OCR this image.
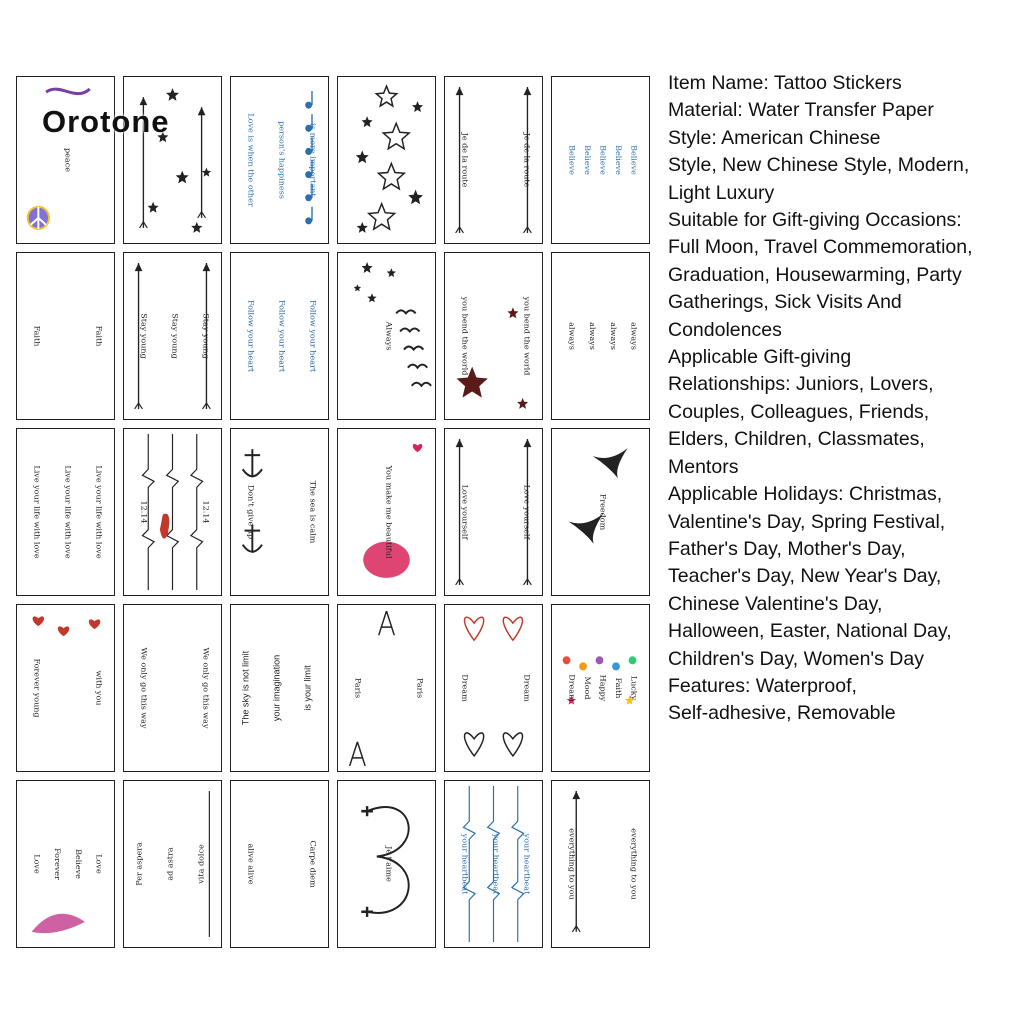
peace	Love is when the other	person's happiness	is more important	Je de la route	Je de la route	Believe Believe Believe Believe Believe
Faith	Faith	Stay young	Stay young	Stay young	Follow your heart	Follow your heart	Follow your heart	Always	you bend the world	you bend the world	always always always always
Live your life with love	Live your life with love	Live your life with love	12.14	12.14	Don't give up	The sea is calm	You make me beautiful	Love yourself	Love yourself	Freedom
Forever young	with you	We only go this way	We only go this way	The sky is not limit your imagination is your limit	Paris	Paris	Dream	Dream	Dream Mood Happy Faith Lucky
Love Forever Believe Love	Per aspera	ad astra	vita dolce	alive alive	Carpe diem	Je t'aime	your heartbeat	your heartbeat	your heartbeat	everything to you	everything to you
Orotone
Item Name: Tattoo Stickers
Material: Water Transfer Paper
Style: American Chinese
Style, New Chinese Style, Modern,
Light Luxury
Suitable for Gift-giving Occasions:
Full Moon, Travel Commemoration,
Graduation, Housewarming, Party
Gatherings, Sick Visits And
Condolences
Applicable Gift-giving
Relationships: Juniors, Lovers,
Couples, Colleagues, Friends,
Elders, Children, Classmates,
Mentors
Applicable Holidays: Christmas,
Valentine's Day, Spring Festival,
Father's Day, Mother's Day,
Teacher's Day, New Year's Day,
Chinese Valentine's Day,
Halloween, Easter, National Day,
Children's Day, Women's Day
Features: Waterproof,
Self-adhesive, Removable
